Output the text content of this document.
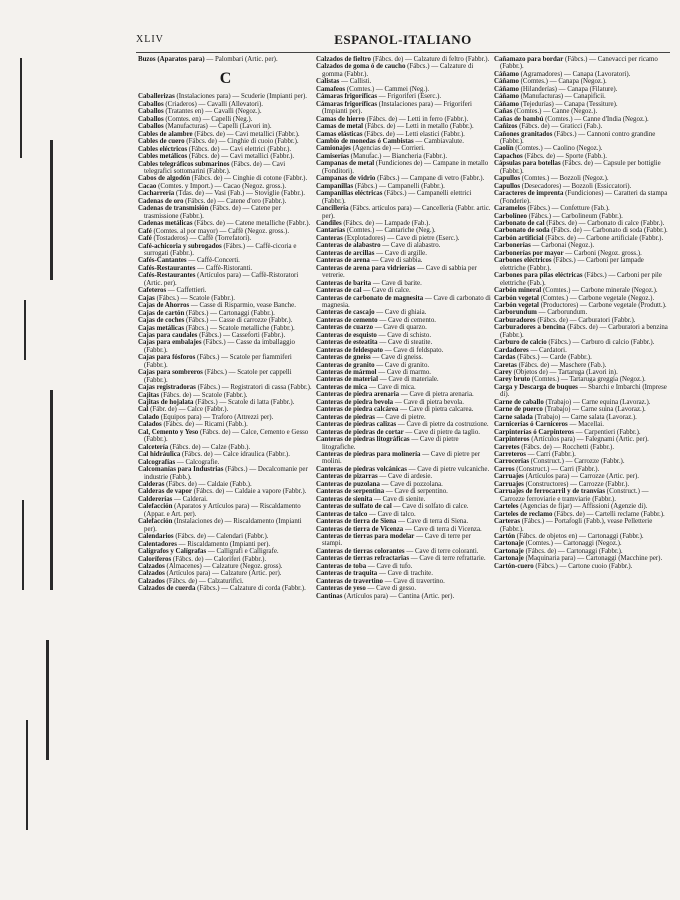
XLIV	ESPANOL-ITALIANO
Buzos (Aparatos para) — Palombari (Artic. per).
C
Caballerizas (Instalaciones para) — Scuderie (Impianti per).
Caballos (Criaderos) — Cavalli (Allevatori).
Caballos (Tratantes en) — Cavalli (Negoz.).
Caballos (Comtes. en) — Capelli (Neg.).
Caballos (Manufacturas) — Capelli (Lavori in).
Cables de alambre (Fábcs. de) — Cavi metallici (Fabbr.).
Cables de cuero (Fábcs. de) — Cinghie di cuoio (Fabbr.).
Cables eléctricos (Fábcs. de) — Cavi elettrici (Fabbr.).
Cables metálicos (Fábcs. de) — Cavi metallici (Fabbr.).
Cables telegráficos submarinos (Fábcs. de) — Cavi telegrafici sottomarini (Fabbr.).
Cabos de algodón (Fábcs. de) — Cinghie di cotone (Fabbr.).
Cacao (Comtes. y Import.) — Cacao (Negoz. gross.).
Cacharrería (Tdas. de) — Vasi (Fab.) — Stoviglie (Fabbr.).
Cadenas de oro (Fábcs. de) — Catene d'oro (Fabbr.).
Cadenas de transmisión (Fábcs. de) — Catene per trasmissione (Fabbr.).
Cadenas metálicas (Fábcs. de) — Catene metalliche (Fabbr.).
Café (Comtes. al por mayor) — Caffè (Negoz. gross.).
Café (Tostaderos) — Caffè (Torrefatori).
Café-achicoria y subrogados (Fábrs.) — Caffè-cicoria e surrogati (Fabbr.).
Cafés-Cantantes — Caffè-Concerti.
Cafés-Restaurantes — Caffè-Ristoranti.
Cafés-Restaurantes (Artículos para) — Caffè-Ristoratori (Artic. per).
Cafeteros — Caffettieri.
Cajas (Fábcs.) — Scatole (Fabbr.).
Cajas de Ahorros — Casse di Risparmio, vease Banche.
Cajas de cartón (Fábcs.) — Cartonaggi (Fabbr.).
Cajas de coches (Fábcs.) — Casse di carrozze (Fabbr.).
Cajas metálicas (Fábcs.) — Scatole metalliche (Fabbr.).
Cajas para caudales (Fábcs.) — Casseforti (Fabbr.).
Cajas para embalajes (Fábcs.) — Casse da imballaggio (Fabbr.).
Cajas para fósforos (Fábcs.) — Scatole per fiammiferi (Fabbr.).
Cajas para sombreros (Fábcs.) — Scatole per cappelli (Fabbr.).
Cajas registradoras (Fábcs.) — Registratori di cassa (Fabbr.).
Cajitas (Fábcs. de) — Scatole (Fabbr.).
Cajitas de hojalata (Fábcs.) — Scatole di latta (Fabbr.).
Cal (Fábr. de) — Calce (Fabbr.).
Calado (Equipos para) — Traforo (Attrezzi per).
Calados (Fábcs. de) — Ricami (Fabb.).
Cal, Cemento y Yeso (Fábcs. de) — Calce, Cemento e Gesso (Fabbr.).
Calcetería (Fábcs. de) — Calze (Fabb.).
Cal hidráulica (Fábcs. de) — Calce idraulica (Fabbr.).
Calcografías — Calcografie.
Calcomanías para Industrias (Fábcs.) — Decalcomanie per industrie (Fabb.).
Calderas (Fábcs. de) — Caldaie (Fabb.).
Calderas de vapor (Fábcs. de) — Caldaie a vapore (Fabbr.).
Caldererías — Calderai.
Calefacción (Aparatos y Artículos para) — Riscaldamento (Appar. e Art. per).
Calefacción (Instalaciones de) — Riscaldamento (Impianti per).
Calendarios (Fábcs. de) — Calendari (Fabbr.).
Calentadores — Riscaldamento (Impianti per).
Calígrafos y Calígrafas — Calligrafi e Calligrafe.
Caloríferos (Fábcs. de) — Caloriferi (Fabbr.).
Calzados (Almacenes) — Calzature (Negoz. gross).
Calzados (Artículos para) — Calzature (Artic. per).
Calzados (Fábcs. de) — Calzaturifici.
Calzados de cuerda (Fábcs.) — Calzature di corda (Fabbr.).
Calzados de fieltro (Fábcs. de) — Calzature di feltro (Fabbr.).
Calzados de goma ó de caucho (Fábcs.) — Calzature di gomma (Fabbr.).
Calistas — Callisti.
Camafeos (Comtes.) — Cammei (Neg.).
Cámaras frigoríficas — Frigoriferi (Eserc.).
Cámaras frigoríficas (Instalaciones para) — Frigoriferi (Impianti per).
Camas de hierro (Fábcs. de) — Letti in ferro (Fabbr.).
Camas de metal (Fábcs. de) — Letti in metallo (Fabbr.).
Camas elásticas (Fábcs. de) — Letti elastici (Fabbr.).
Cambio de monedas ó Cambistas — Cambiavalute.
Camionajes (Agencias de) — Corrieri.
Camiserías (Manufac.) — Biancheria (Fabbr.).
Campanas de metal (Fundiciones de) — Campane in metallo (Fonditori).
Campanas de vidrio (Fábcs.) — Campane di vetro (Fabbr.).
Campanillas (Fábcs.) — Campanelli (Fabbr.).
Campanillas eléctricas (Fábcs.) — Campanelli elettrici (Fabbr.).
Cancillería (Fábcs. artículos para) — Cancelleria (Fabbr. artic. per).
Candiles (Fábcs. de) — Lampade (Fab.).
Cantarías (Comtes.) — Cantariche (Neg.).
Canteras (Explotadores) — Cave di pietre (Eserc.).
Canteras de alabastro — Cave di alabastro.
Canteras de arcillas — Cave di argille.
Canteras de arena — Cave di sabbia.
Canteras de arena para vidrierías — Cave di sabbia per vetrerie.
Canteras de barita — Cave di barite.
Canteras de cal — Cave di calce.
Canteras de carbonato de magnesita — Cave di carbonato di magnesia.
Canteras de cascajo — Cave di ghiaia.
Canteras de cemento — Cave di cemento.
Canteras de cuarzo — Cave di quarzo.
Canteras de esquisto — Cave di schisto.
Canteras de esteatita — Cave di steatite.
Canteras de feldespato — Cave di feldspato.
Canteras de gneiss — Cave di gneiss.
Canteras de granito — Cave di granito.
Canteras de mármol — Cave di marmo.
Canteras de material — Cave di materiale.
Canteras de mica — Cave di mica.
Canteras de piedra arenaria — Cave di pietra arenaria.
Canteras de piedra bevola — Cave di pietra bevola.
Canteras de piedra calcárea — Cave di pietra calcarea.
Canteras de piedras — Cave di pietre.
Canteras de piedras calizas — Cave di pietre da costruzione.
Canteras de piedras de cortar — Cave di pietre da taglio.
Canteras de piedras litográficas — Cave di pietre litografiche.
Canteras de piedras para molinería — Cave di pietre per molini.
Canteras de piedras volcánicas — Cave di pietre vulcaniche.
Canteras de pizarras — Cave di ardesie.
Canteras de puzolana — Cave di pozzolana.
Canteras de serpentina — Cave di serpentino.
Canteras de sienita — Cave di sienite.
Canteras de sulfato de cal — Cave di solfato di calce.
Canteras de talco — Cave di talco.
Canteras de tierra de Siena — Cave di terra di Siena.
Canteras de tierra de Vicenza — Cave di terra di Vicenza.
Canteras de tierras para modelar — Cave di terre per stampi.
Canteras de tierras colorantes — Cave di terre coloranti.
Canteras de tierras refractarias — Cave di terre refrattarie.
Canteras de toba — Cave di tufo.
Canteras de traquita — Cave di trachite.
Canteras de travertino — Cave di travertino.
Canteras de yeso — Cave di gesso.
Cantinas (Artículos para) — Cantina (Artic. per).
Cañamazo para bordar (Fábcs.) — Canevacci per ricamo (Fabbr.).
Cáñamo (Agramadores) — Canapa (Lavoratori).
Cáñamo (Comtes.) — Canapa (Negoz.).
Cáñamo (Hilanderías) — Canapa (Filature).
Cáñamo (Manufacturas) — Canapificii.
Cáñamo (Tejedurías) — Canapa (Tessiture).
Cañas (Comtes.) — Canne (Negoz.).
Cañas de bambú (Comtes.) — Canne d'India (Negoz.).
Cañizos (Fábcs. de) — Graticci (Fab.).
Cañones granitados (Fábcs.) — Cannoni contro grandine (Fabbr.).
Caolín (Comtes.) — Caolino (Negoz.).
Capachos (Fábcs. de) — Sporte (Fabb.).
Cápsulas para botellas (Fábcs. de) — Capsule per bottiglie (Fabbr.).
Capullos (Comtes.) — Bozzoli (Negoz.).
Capullos (Desecadores) — Bozzoli (Essiccatori).
Caracteres de imprenta (Fundiciones) — Caratteri da stampa (Fonderie).
Caramelos (Fábcs.) — Confetture (Fab.).
Carbolíneo (Fábcs.) — Carbolineum (Fabbr.).
Carbonato de cal (Fábcs. de) — Carbonato di calce (Fabbr.).
Carbonato de soda (Fábcs. de) — Carbonato di soda (Fabbr.).
Carbón artificial (Fábcs. de) — Carbone artificiale (Fabbr.).
Carbonerías — Carbonai (Negoz.).
Carbonerías por mayor — Carboni (Negoz. gross.).
Carbones eléctricos (Fábcs.) — Carboni per lampade elettriche (Fabbr.).
Carbones para pilas eléctricas (Fábcs.) — Carboni per pile elettriche (Fab.).
Carbón mineral (Comtes.) — Carbone minerale (Negoz.).
Carbón vegetal (Comtes.) — Carbone vegetale (Negoz.).
Carbón vegetal (Productores) — Carbone vegetale (Produtt.).
Carborundum — Carborundum.
Carburadores (Fábcs. de) — Carburatori (Fabbr.).
Carburadores a bencina (Fábcs. de) — Carburatori a benzina (Fabbr.).
Carburo de calcio (Fábcs.) — Carburo di calcio (Fabbr.).
Cardadores — Cardatori.
Cardas (Fábcs.) — Carde (Fabbr.).
Caretas (Fábcs. de) — Maschere (Fab.).
Carey (Objetos de) — Tartaruga (Lavori in).
Carey bruto (Comtes.) — Tartaruga greggia (Negoz.).
Carga y Descarga de buques — Sbarchi e Imbarchi (Imprese di).
Carne de caballo (Trabajo) — Carne equina (Lavoraz.).
Carne de puerco (Trabajo) — Carne suina (Lavoraz.).
Carne salada (Trabajo) — Carne salata (Lavoraz.).
Carnicerías ó Carniceros — Macellai.
Carpinterías ó Carpinteros — Carpentieri (Fabbr.).
Carpinteros (Artículos para) — Falegnami (Artic. per).
Carretes (Fábcs. de) — Rocchetti (Fabbr.).
Carreteros — Carri (Fabbr.).
Carrocerías (Construct.) — Carrozze (Fabbr.).
Carros (Construct.) — Carri (Fabbr.).
Carruajes (Artículos para) — Carrozze (Artic. per).
Carruajes (Constructores) — Carrozze (Fabbr.).
Carruajes de ferrocarril y de tranvías (Construct.) — Carrozze ferroviarie e tramviarie (Fabbr.).
Carteles (Agencias de fijar) — Affissioni (Agenzie di).
Carteles de reclamo (Fábcs. de) — Cartelli reclame (Fabbr.).
Carteras (Fábcs.) — Portafogli (Fabb.), vease Pelletterie (Fabbr.).
Cartón (Fábcs. de objetos en) — Cartonaggi (Fabbr.).
Cartonaje (Comtes.) — Cartonaggi (Negoz.).
Cartonaje (Fábcs. de) — Cartonaggi (Fabbr.).
Cartonaje (Maquinaria para) — Cartonaggi (Macchine per).
Cartón-cuero (Fábcs.) — Cartone cuoio (Fabbr.).
